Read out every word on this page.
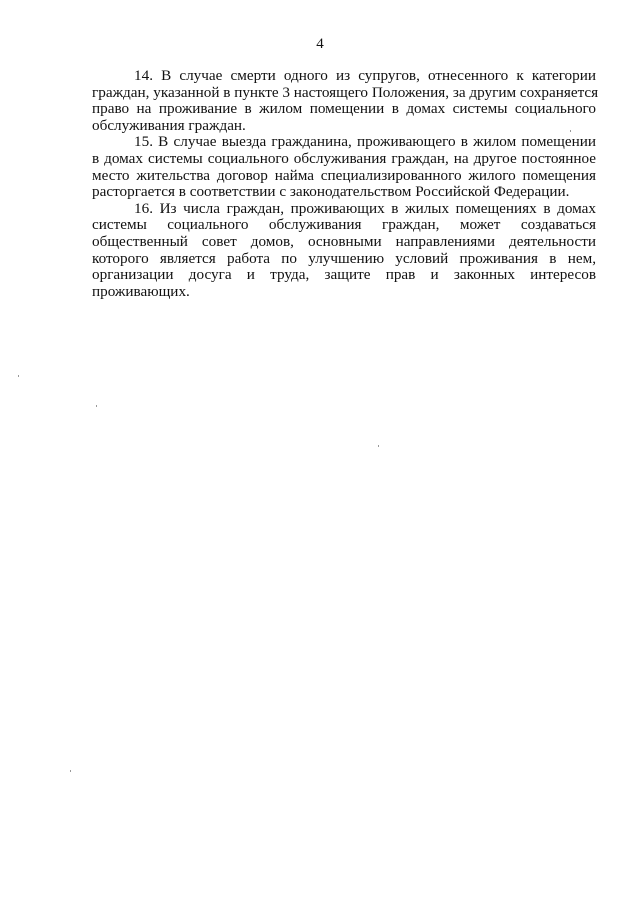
4

14. В случае смерти одного из супругов, отнесенного к категории
граждан, указанной в пункте 3 настоящего Положения, за другим сохраняется
право на проживание в жилом помещении в домах системы социального
обслуживания граждан.

15. В случае выезда гражданина, проживающего в жилом помещении
в домах системы социального обслуживания граждан, на другое постоянное
место жительства договор найма специализированного жилого помещения
расторгается в соответствии с законодательством Российской Федерации.

16. Из числа граждан, проживающих в жилых помещениях в домах
системы социального обслуживания граждан, может создаваться
общественный совет домов, основными направлениями деятельности
которого является работа по улучшению условий проживания в нем,
организации досуга и труда, защите прав и законных интересов
проживающих.
